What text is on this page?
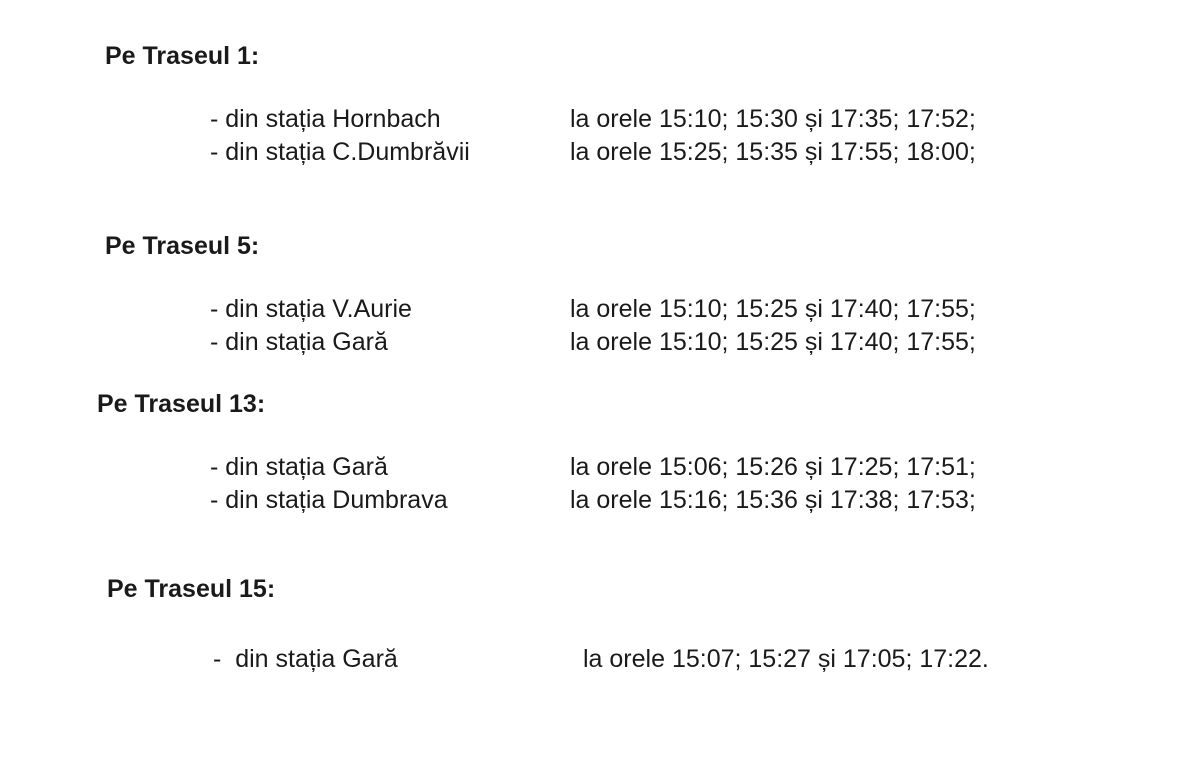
Pe Traseul 1:
- din stația Hornbach	la orele 15:10; 15:30 și 17:35; 17:52;
- din stația C.Dumbrăvii	la orele 15:25; 15:35 și 17:55; 18:00;
Pe Traseul 5:
- din stația V.Aurie	la orele 15:10; 15:25 și 17:40; 17:55;
- din stația Gară	la orele 15:10; 15:25 și 17:40; 17:55;
Pe Traseul 13:
- din stația Gară	la orele 15:06; 15:26 și 17:25; 17:51;
- din stația Dumbrava	la orele 15:16; 15:36 și 17:38; 17:53;
Pe Traseul 15:
-  din stația Gară	la orele 15:07; 15:27 și 17:05; 17:22.
